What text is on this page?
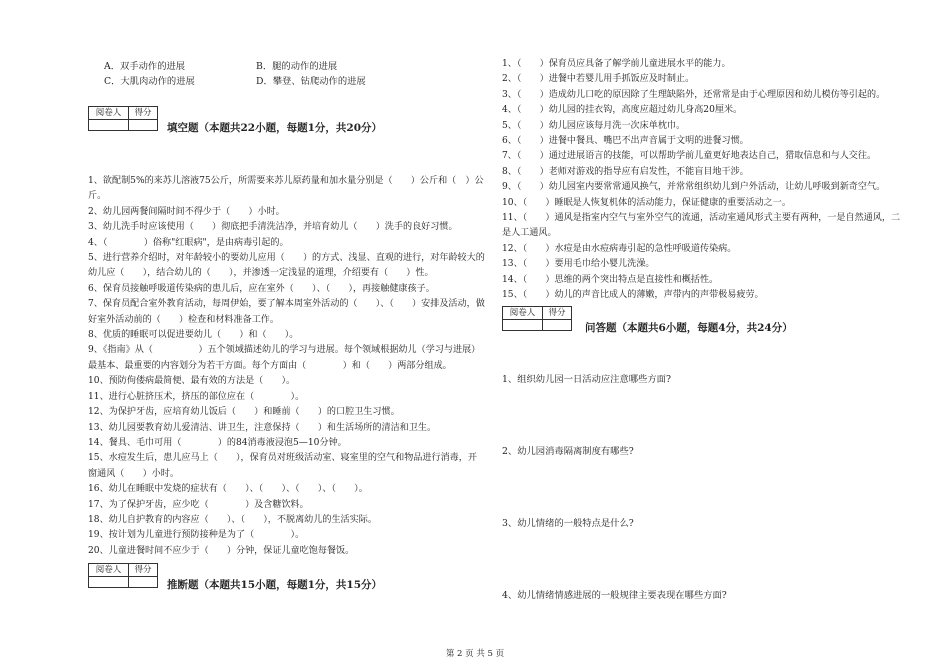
A．双手动作的进展	B．腿的动作的进展
C．大肌肉动作的进展	D．攀登、钻爬动作的进展
阅卷人	得分

填空题（本题共22小题，每题1分，共20分）

1、欲配制5%的来苏儿溶液75公斤，所需要来苏儿原药量和加水量分别是（　　）公斤和（　）公斤。

2、幼儿园两餐间隔时间不得少于（　　）小时。

3、幼儿洗手时应该使用（　　）彻底把手清洗洁净，并培育幼儿（　　）洗手的良好习惯。

4、（　　　　）俗称"红眼病"，是由病毒引起的。

5、进行营养介绍时，对年龄较小的要幼儿应用（　　）的方式、浅显、直观的进行，对年龄较大的幼儿应（　　），结合幼儿的（　　），并渗透一定浅显的道理，介绍要有（　　）性。

6、保育员接触呼吸道传染病的患儿后，应在室外（　　）、（　　），再接触健康孩子。

7、保育员配合室外教育活动，每周伊始，要了解本周室外活动的（　　）、（　　）安排及活动，做好室外活动前的（　　）检查和材料准备工作。

8、优质的睡眠可以促进要幼儿（　　）和（　　）。

9、《指南》从（　　　　　）五个领域描述幼儿的学习与进展。每个领域根据幼儿（学习与进展）最基本、最重要的内容划分为若干方面。每个方面由（　　　　）和（　　）两部分组成。

10、预防佝偻病最简便、最有效的方法是（　　）。

11、进行心脏挤压术，挤压的部位应在（　　　　）。

12、为保护牙齿，应培育幼儿饭后（　　）和睡前（　　）的口腔卫生习惯。

13、幼儿园要教育幼儿爱清洁、讲卫生，注意保持（　　）和生活场所的清洁和卫生。

14、餐具、毛巾可用（　　　　）的84消毒液浸泡5—10分钟。

15、水痘发生后，患儿应马上（　　），保育员对班级活动室、寝室里的空气和物品进行消毒，开窗通风（　　）小时。

16、幼儿在睡眠中发烧的症状有（　　）、（　　）、（　　）、（　　）。

17、为了保护牙齿，应少吃（　　　　）及含糖饮料。

18、幼儿自护教育的内容应（　　）、（　　），不脱离幼儿的生活实际。

19、按计划为儿童进行预防接种是为了（　　　　）。

20、儿童进餐时间不应少于（　　）分钟，保证儿童吃饱每餐饭。

阅卷人	得分

推断题（本题共15小题，每题1分，共15分）

1、（　　）保育员应具备了解学前儿童进展水平的能力。

2、（　　）进餐中若婴儿用手抓饭应及时制止。

3、（　　）造成幼儿口吃的原因除了生理缺陷外，还常常是由于心理原因和幼儿模仿等引起的。

4、（　　）幼儿园的挂衣钩，高度应超过幼儿身高20厘米。

5、（　　）幼儿园应该每月洗一次床单枕巾。

6、（　　）进餐中餐具、嘴巴不出声音属于文明的进餐习惯。

7、（　　）通过进展语言的技能，可以帮助学前儿童更好地表达自己，猎取信息和与人交往。

8、（　　）老师对游戏的指导应有启发性，不能盲目地干涉。

9、（　　）幼儿园室内要常常通风换气，并常常组织幼儿到户外活动，让幼儿呼吸到新奇空气。

10、（　　）睡眠是人恢复机体的活动能力，保证健康的重要活动之一。

11、（　　）通风是指室内空气与室外空气的流通，活动室通风形式主要有两种，一是自然通风，二是人工通风。

12、（　　）水痘是由水痘病毒引起的急性呼吸道传染病。

13、（　　）要用毛巾给小婴儿洗澡。

14、（　　）思维的两个突出特点是直接性和概括性。

15、（　　）幼儿的声音比成人的薄嫩，声带内的声带极易疲劳。

阅卷人	得分

问答题（本题共6小题，每题4分，共24分）
1、组织幼儿园一日活动应注意哪些方面?
2、幼儿园消毒隔离制度有哪些?
3、幼儿情绪的一般特点是什么?
4、幼儿情绪情感进展的一般规律主要表现在哪些方面?
第 2 页 共 5 页
